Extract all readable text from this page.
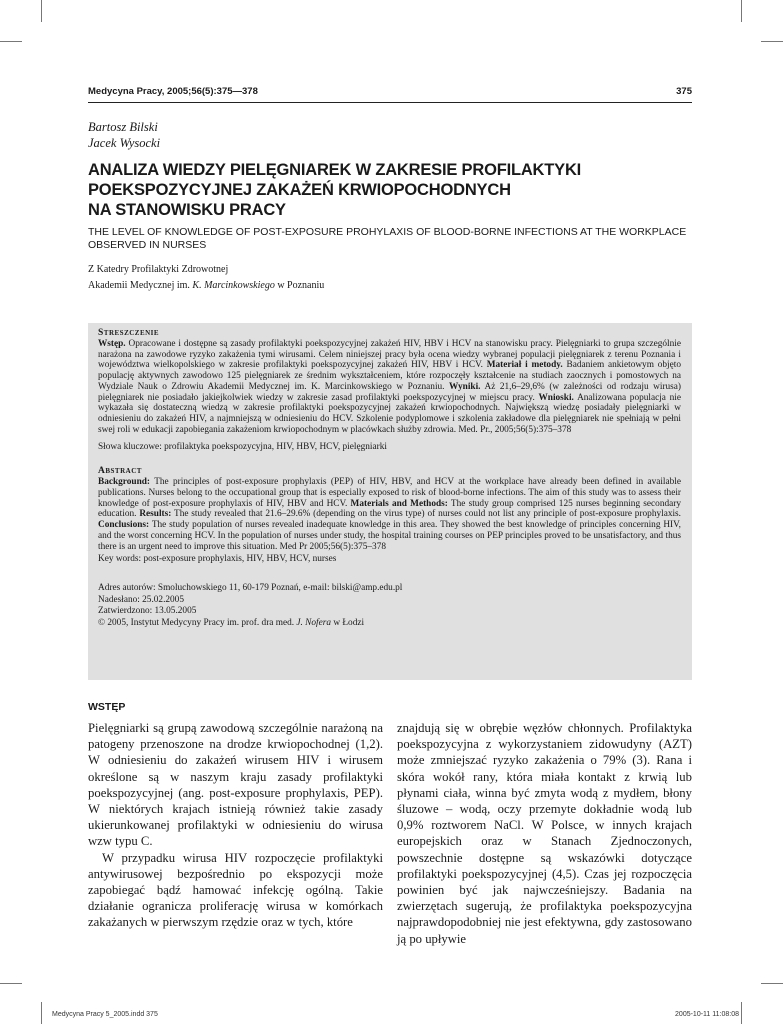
Medycyna Pracy, 2005;56(5):375—378	375
Bartosz Bilski
Jacek Wysocki
ANALIZA WIEDZY PIELĘGNIAREK W ZAKRESIE PROFILAKTYKI
POEKSPOZYCYJNEJ ZAKAŻEŃ KRWIOPOCHODNYCH
NA STANOWISKU PRACY
THE LEVEL OF KNOWLEDGE OF POST-EXPOSURE PROHYLAXIS OF BLOOD-BORNE INFECTIONS AT THE WORKPLACE
OBSERVED IN NURSES
Z Katedry Profilaktyki Zdrowotnej
Akademii Medycznej im. K. Marcinkowskiego w Poznaniu
Streszczenie
Wstęp. Opracowane i dostępne są zasady profilaktyki poekspozycyjnej zakażeń HIV, HBV i HCV na stanowisku pracy. Pielęgniarki to grupa szczególnie narażona na zawodowe ryzyko zakażenia tymi wirusami. Celem niniejszej pracy była ocena wiedzy wybranej populacji pielęgniarek z terenu Poznania i województwa wielkopolskiego w zakresie profilaktyki poekspozycyjnej zakażeń HIV, HBV i HCV. Materiał i metody. Badaniem ankietowym objęto populację aktywnych zawodowo 125 pielęgniarek ze średnim wykształceniem, które rozpoczęły kształcenie na studiach zaocznych i pomostowych na Wydziale Nauk o Zdrowiu Akademii Medycznej im. K. Marcinkowskiego w Poznaniu. Wyniki. Aż 21,6–29,6% (w zależności od rodzaju wirusa) pielęgniarek nie posiadało jakiejkolwiek wiedzy w zakresie zasad profilaktyki poekspozycyjnej w miejscu pracy. Wnioski. Analizowana populacja nie wykazała się dostateczną wiedzą w zakresie profilaktyki poekspozycyjnej zakażeń krwiopochodnych. Największą wiedzę posiadały pielęgniarki w odniesieniu do zakażeń HIV, a najmniejszą w odniesieniu do HCV. Szkolenie podyplomowe i szkolenia zakładowe dla pielęgniarek nie spełniają w pełni swej roli w edukacji zapobiegania zakażeniom krwiopochodnym w placówkach służby zdrowia. Med. Pr., 2005;56(5):375–378
Słowa kluczowe: profilaktyka poekspozycyjna, HIV, HBV, HCV, pielęgniarki
Abstract
Background: The principles of post-exposure prophylaxis (PEP) of HIV, HBV, and HCV at the workplace have already been defined in available publications. Nurses belong to the occupational group that is especially exposed to risk of blood-borne infections. The aim of this study was to assess their knowledge of post-exposure prophylaxis of HIV, HBV and HCV. Materials and Methods: The study group comprised 125 nurses beginning secondary education. Results: The study revealed that 21.6–29.6% (depending on the virus type) of nurses could not list any principle of post-exposure prophylaxis. Conclusions: The study population of nurses revealed inadequate knowledge in this area. They showed the best knowledge of principles concerning HIV, and the worst concerning HCV. In the population of nurses under study, the hospital training courses on PEP principles proved to be unsatisfactory, and thus there is an urgent need to improve this situation. Med Pr 2005;56(5):375–378
Key words: post-exposure prophylaxis, HIV, HBV, HCV, nurses
Adres autorów: Smoluchowskiego 11, 60-179 Poznań, e-mail: bilski@amp.edu.pl
Nadesłano: 25.02.2005
Zatwierdzono: 13.05.2005
© 2005, Instytut Medycyny Pracy im. prof. dra med. J. Nofera w Łodzi
WSTĘP

Pielęgniarki są grupą zawodową szczególnie narażoną na patogeny przenoszone na drodze krwiopochodnej (1,2). W odniesieniu do zakażeń wirusem HIV i wirusem określone są w naszym kraju zasady profilaktyki poekspozycyjnej (ang. post-exposure prophylaxis, PEP). W niektórych krajach istnieją również takie zasady ukierunkowanej profilaktyki w odniesieniu do wirusa wzw typu C.

W przypadku wirusa HIV rozpoczęcie profilaktyki antywirusowej bezpośrednio po ekspozycji może zapobiegać bądź hamować infekcję ogólną. Takie działanie ogranicza proliferację wirusa w komórkach zakażanych w pierwszym rzędzie oraz w tych, które

znajdują się w obrębie węzłów chłonnych. Profilaktyka poekspozycyjna z wykorzystaniem zidowudyny (AZT) może zmniejszać ryzyko zakażenia o 79% (3). Rana i skóra wokół rany, która miała kontakt z krwią lub płynami ciała, winna być zmyta wodą z mydłem, błony śluzowe – wodą, oczy przemyte dokładnie wodą lub 0,9% roztworem NaCl. W Polsce, w innych krajach europejskich oraz w Stanach Zjednoczonych, powszechnie dostępne są wskazówki dotyczące profilaktyki poekspozycyjnej (4,5). Czas jej rozpoczęcia powinien być jak najwcześniejszy. Badania na zwierzętach sugerują, że profilaktyka poekspozycyjna najprawdopodobniej nie jest efektywna, gdy zastosowano ją po upływie

Medycyna Pracy 5_2005.indd 375	2005-10-11 11:08:08
